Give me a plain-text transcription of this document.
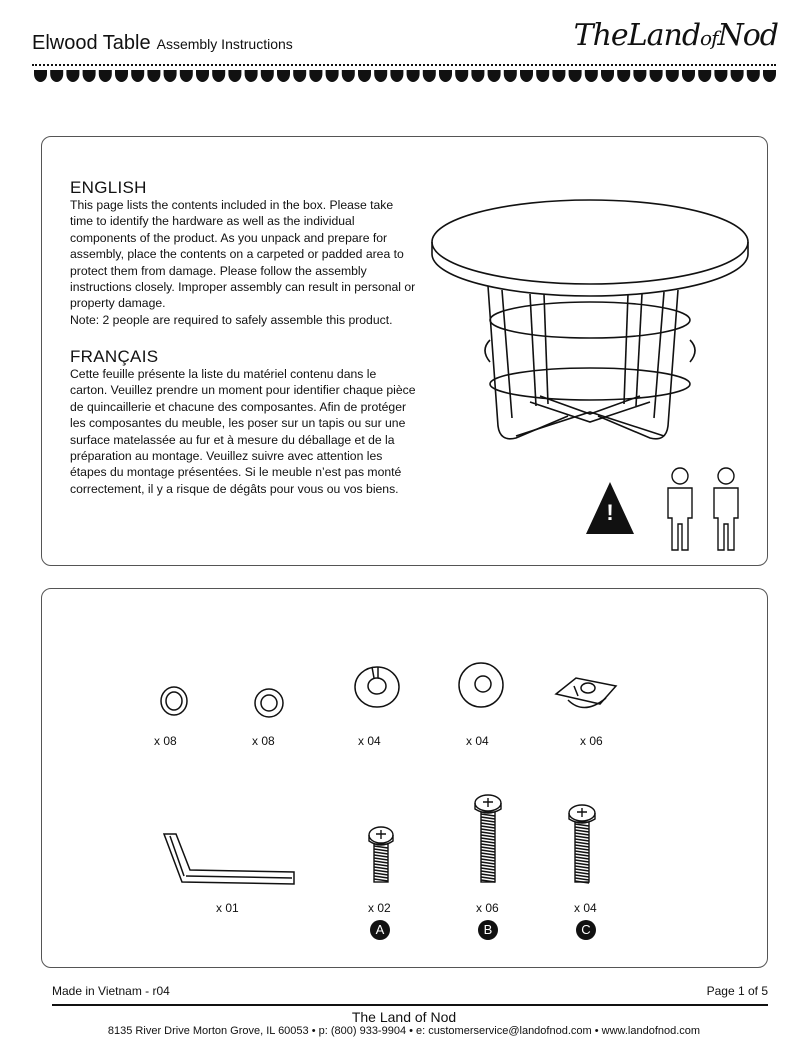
Elwood Table Assembly Instructions	TheLandofNod
ENGLISH
This page lists the contents included in the box. Please take time to identify the hardware as well as the individual components of the product. As you unpack and prepare for assembly, place the contents on a carpeted or padded area to protect them from damage. Please follow the assembly instructions closely. Improper assembly can result in personal or property damage.
Note: 2 people are required to safely assemble this product.
FRANÇAIS
Cette feuille présente la liste du matériel contenu dans le carton. Veuillez prendre un moment pour identifier chaque pièce de quincaillerie et chacune des composantes. Afin de protéger les composantes du meuble, les poser sur un tapis ou sur une surface matelassée au fur et à mesure du déballage et de la préparation au montage. Veuillez suivre avec attention les étapes du montage présentées. Si le meuble n’est pas monté correctement, il y a risque de dégâts pour vous ou vos biens.
!
x 08	x 08	x 04	x 04	x 06
x 01	x 02
A
x 06
B
x 04
C
Made in Vietnam - r04	Page 1 of 5
The Land of Nod
8135 River Drive Morton Grove, IL 60053 • p: (800) 933-9904 • e: customerservice@landofnod.com • www.landofnod.com
